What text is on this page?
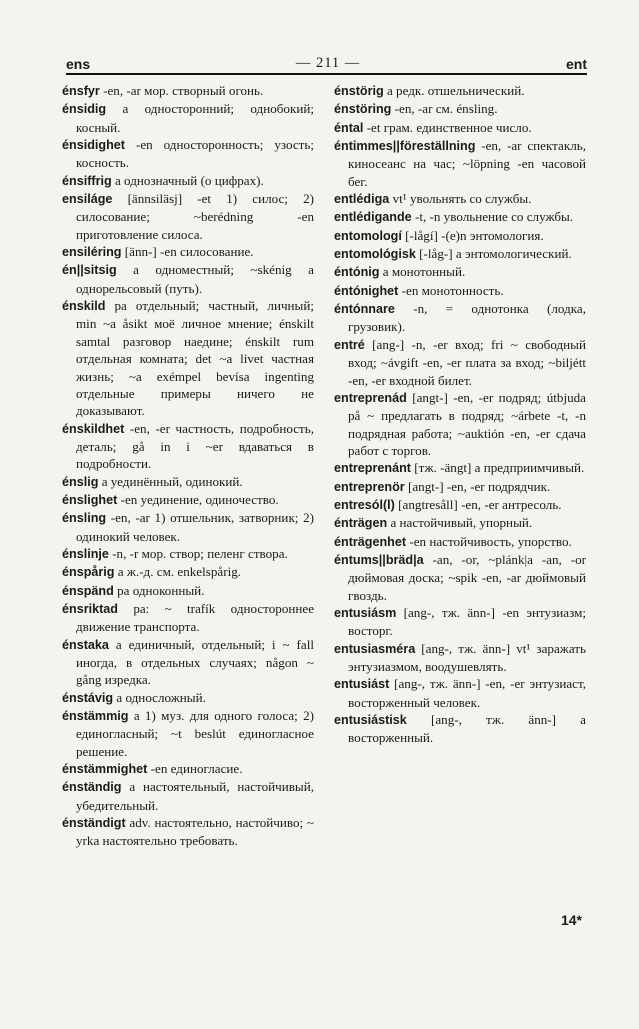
ens	— 211 —	ent

énsfyr -en, -ar мор. створный огонь.

énsidig a односторонний; однобокий; косный.

énsidighet -en односторонность; узость; косность.

énsiffrig a однозначный (о цифрах).

ensiláge [ännsiläsj] -et 1) силос; 2) силосование; ~berédning -en приготовление силоса.

ensiléring [änn-] -en силосование.

én||sitsig a одноместный; ~skénig a однорельсовый (путь).

énskild pa отдельный; частный, личный; min ~a åsikt моё личное мнение; énskilt samtal разговор наедине; énskilt rum отдельная комната; det ~a livet частная жизнь; ~a exémpel bevísa ingenting отдельные примеры ничего не доказывают.

énskildhet -en, -er частность, подробность, деталь; gå in i ~er вдаваться в подробности.

énslig a уединённый, одинокий.

énslighet -en уединение, одиночество.

énsling -en, -ar 1) отшельник, затворник; 2) одинокий человек.

énslinje -n, -r мор. створ; пеленг створа.

énspårig a ж.-д. см. enkelspårig.

énspänd pa одноконный.

énsriktad pa: ~ trafík одностороннее движение транспорта.

énstaka a единичный, отдельный; i ~ fall иногда, в отдельных случаях; någon ~ gång изредка.

énstávig a односложный.

énstämmig a 1) муз. для одного голоса; 2) единогласный; ~t beslút единогласное решение.

énstämmighet -en единогласие.

énständig a настоятельный, настойчивый, убедительный.

énständigt adv. настоятельно, настойчиво; ~ yrka настоятельно требовать.

énstörig a редк. отшельнический.

énstöring -en, -ar см. énsling.

éntal -et грам. единственное число.

éntimmes||föreställning -en, -ar спектакль, киносеанс на час; ~löpning -en часовой бег.

entlédiga vt¹ увольнять со службы.

entlédigande -t, -n увольнение со службы.

entomologí [-lågí] -(e)n энтомология.

entomológisk [-låg-] a энтомологический.

éntónig a монотонный.

éntónighet -en монотонность.

éntónnare -n, = однотонка (лодка, грузовик).

entré [ang-] -n, -er вход; fri ~ свободный вход; ~ávgift -en, -er плата за вход; ~biljétt -en, -er входной билет.

entreprenád [angt-] -en, -er подряд; útbjuda på ~ предлагать в подряд; ~árbete -t, -n подрядная работа; ~auktión -en, -er сдача работ с торгов.

entreprenánt [тж. -ängt] a предприимчивый.

entreprenör [angt-] -en, -er подрядчик.

entresól(l) [angtresåll] -en, -er антресоль.

énträgen a настойчивый, упорный.

énträgenhet -en настойчивость, упорство.

éntums||bräd|a -an, -or, ~plánk|a -an, -or дюймовая доска; ~spik -en, -ar дюймовый гвоздь.

entusiásm [ang-, тж. änn-] -en энтузиазм; восторг.

entusiasméra [ang-, тж. änn-] vt¹ заражать энтузиазмом, воодушевлять.

entusiást [ang-, тж. änn-] -en, -er энтузиаст, восторженный человек.

entusiástisk [ang-, тж. änn-] a восторженный.

14*
